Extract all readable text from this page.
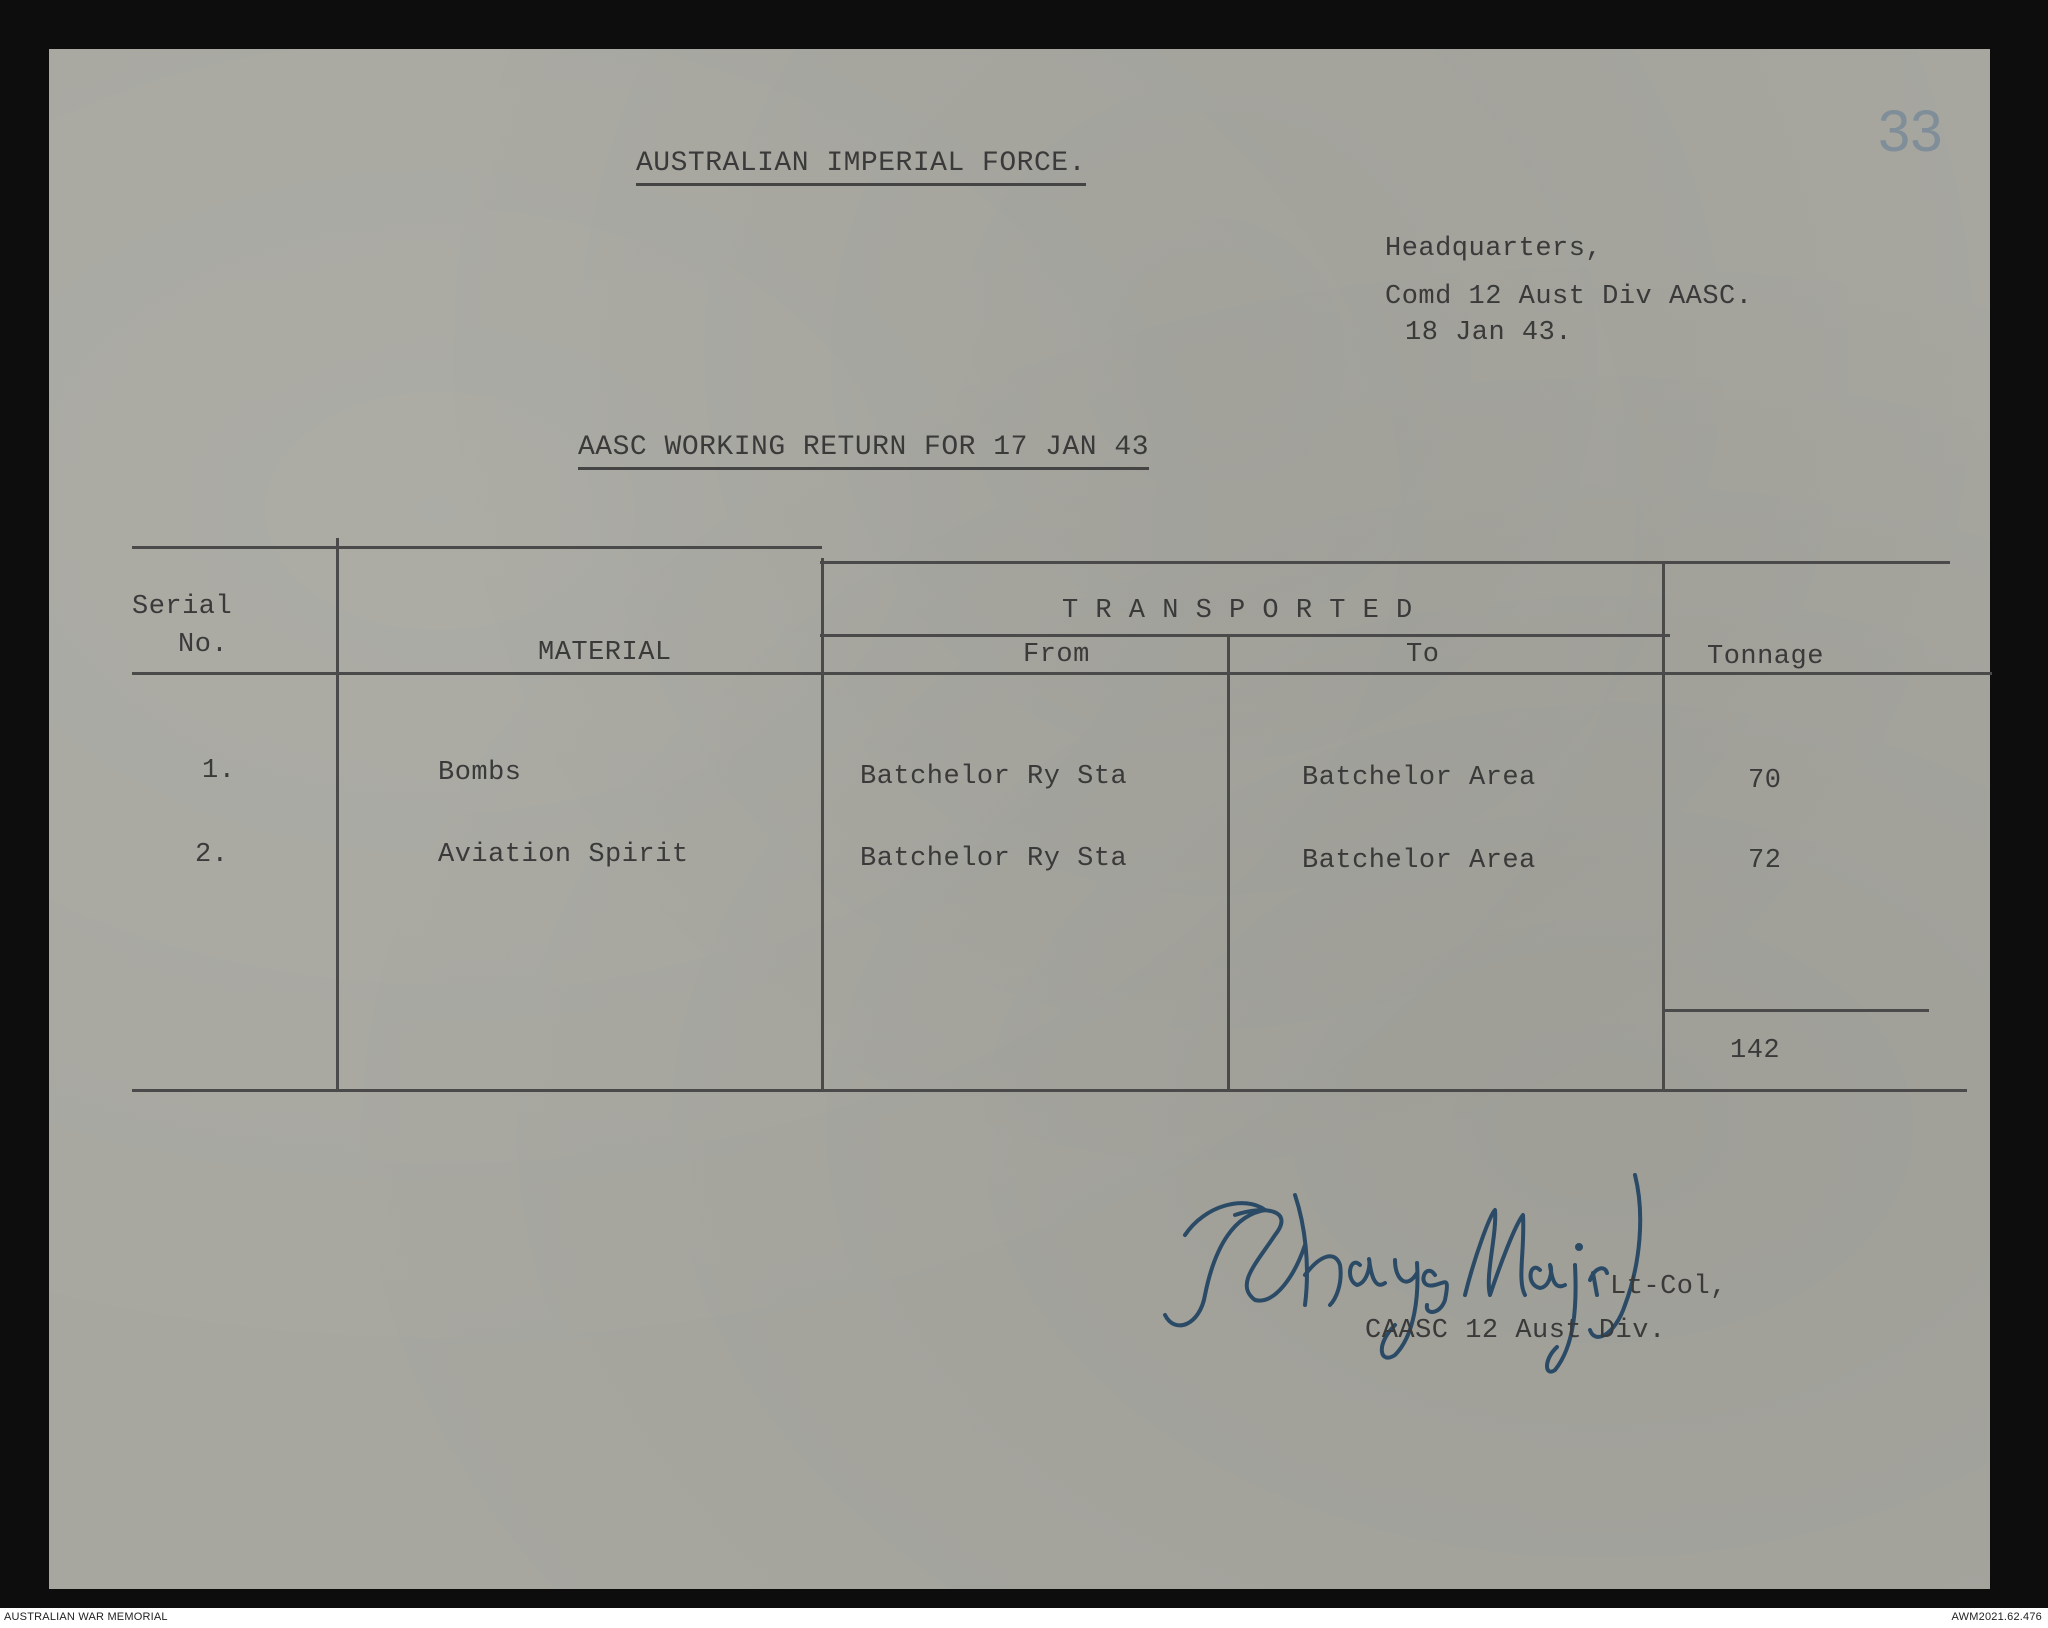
33
AUSTRALIAN IMPERIAL FORCE.
Headquarters,
Comd 12 Aust Div AASC.
18 Jan 43.
AASC WORKING RETURN FOR 17 JAN 43
Serial
No.	MATERIAL
T R A N S P O R T E D
From	To	Tonnage
1.	Bombs	Batchelor Ry Sta	Batchelor Area	70
2.	Aviation Spirit	Batchelor Ry Sta	Batchelor Area	72
142
Lt-Col,
CAASC 12 Aust Div.
AUSTRALIAN WAR MEMORIAL	AWM2021.62.476
